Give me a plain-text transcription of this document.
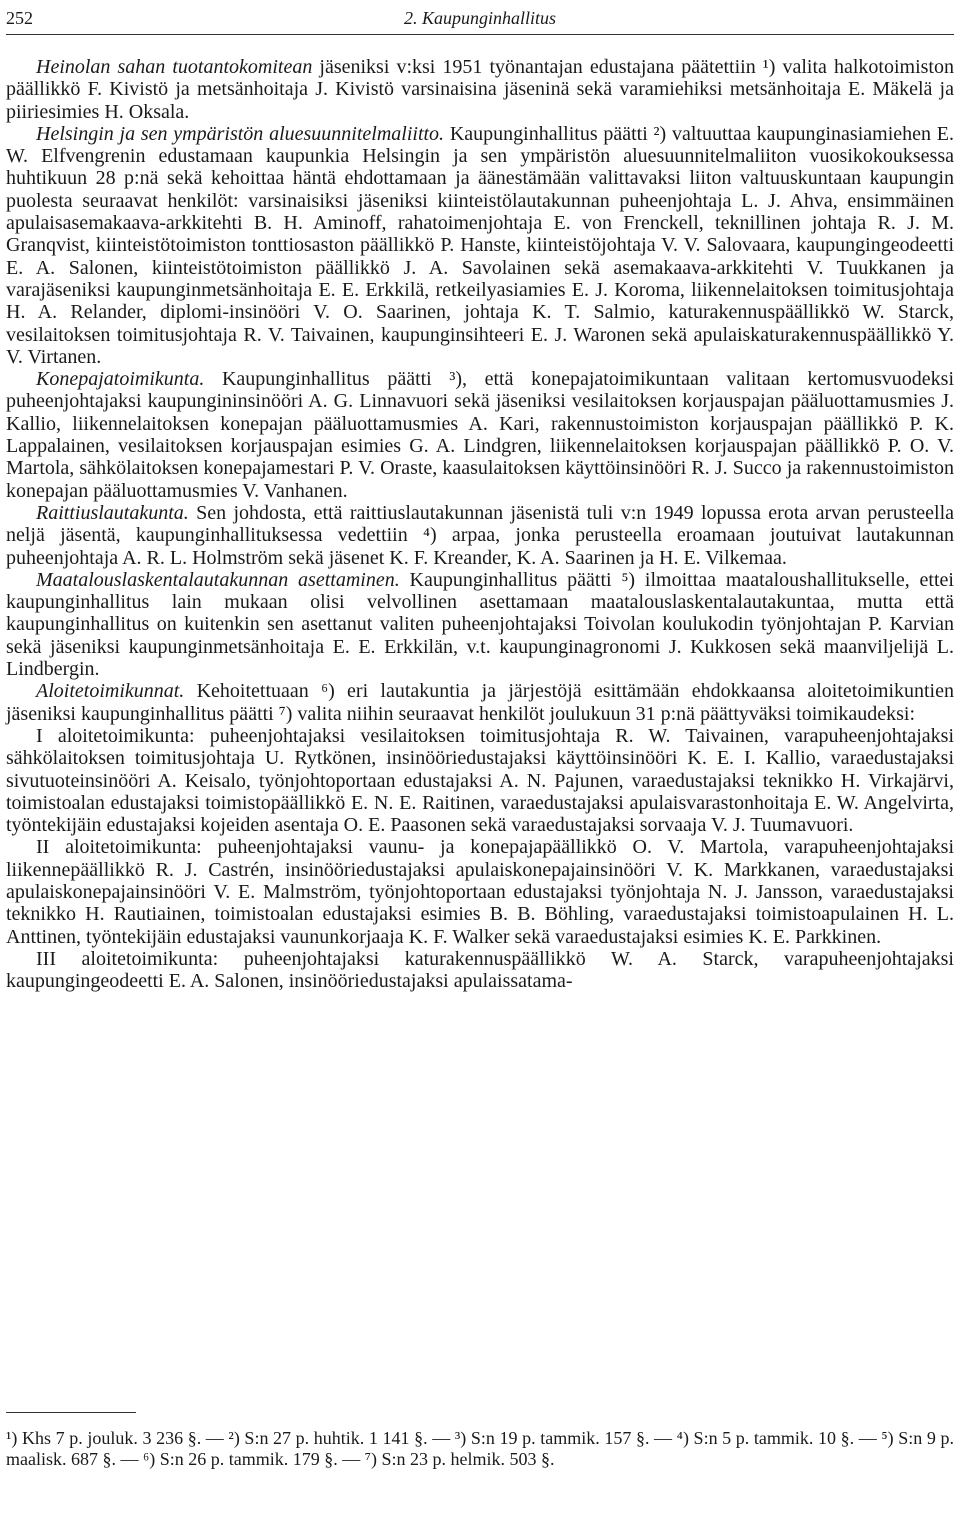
252	2. Kaupunginhallitus

Heinolan sahan tuotantokomitean jäseniksi v:ksi 1951 työnantajan edustajana päätettiin ¹) valita halkotoimiston päällikkö F. Kivistö ja metsänhoitaja J. Kivistö varsinaisina jäseninä sekä varamiehiksi metsänhoitaja E. Mäkelä ja piiriesimies H. Oksala.

Helsingin ja sen ympäristön aluesuunnitelmaliitto. Kaupunginhallitus päätti ²) valtuuttaa kaupunginasiamiehen E. W. Elfvengrenin edustamaan kaupunkia Helsingin ja sen ympäristön aluesuunnitelmaliiton vuosikokouksessa huhtikuun 28 p:nä sekä kehoittaa häntä ehdottamaan ja äänestämään valittavaksi liiton valtuuskuntaan kaupungin puolesta seuraavat henkilöt: varsinaisiksi jäseniksi kiinteistölautakunnan puheenjohtaja L. J. Ahva, ensimmäinen apulaisasemakaava-arkkitehti B. H. Aminoff, rahatoimenjohtaja E. von Frenckell, teknillinen johtaja R. J. M. Granqvist, kiinteistötoimiston tonttiosaston päällikkö P. Hanste, kiinteistöjohtaja V. V. Salovaara, kaupungingeodeetti E. A. Salonen, kiinteistötoimiston päällikkö J. A. Savolainen sekä asemakaava-arkkitehti V. Tuukkanen ja varajäseniksi kaupunginmetsänhoitaja E. E. Erkkilä, retkeilyasiamies E. J. Koroma, liikennelaitoksen toimitusjohtaja H. A. Relander, diplomi-insinööri V. O. Saarinen, johtaja K. T. Salmio, katurakennuspäällikkö W. Starck, vesilaitoksen toimitusjohtaja R. V. Taivainen, kaupunginsihteeri E. J. Waronen sekä apulaiskaturakennuspäällikkö Y. V. Virtanen.

Konepajatoimikunta. Kaupunginhallitus päätti ³), että konepajatoimikuntaan valitaan kertomusvuodeksi puheenjohtajaksi kaupungininsinööri A. G. Linnavuori sekä jäseniksi vesilaitoksen korjauspajan pääluottamusmies J. Kallio, liikennelaitoksen konepajan pääluottamusmies A. Kari, rakennustoimiston korjauspajan päällikkö P. K. Lappalainen, vesilaitoksen korjauspajan esimies G. A. Lindgren, liikennelaitoksen korjauspajan päällikkö P. O. V. Martola, sähkölaitoksen konepajamestari P. V. Oraste, kaasulaitoksen käyttöinsinööri R. J. Succo ja rakennustoimiston konepajan pääluottamusmies V. Vanhanen.

Raittiuslautakunta. Sen johdosta, että raittiuslautakunnan jäsenistä tuli v:n 1949 lopussa erota arvan perusteella neljä jäsentä, kaupunginhallituksessa vedettiin ⁴) arpaa, jonka perusteella eroamaan joutuivat lautakunnan puheenjohtaja A. R. L. Holmström sekä jäsenet K. F. Kreander, K. A. Saarinen ja H. E. Vilkemaa.

Maatalouslaskentalautakunnan asettaminen. Kaupunginhallitus päätti ⁵) ilmoittaa maataloushallitukselle, ettei kaupunginhallitus lain mukaan olisi velvollinen asettamaan maatalouslaskentalautakuntaa, mutta että kaupunginhallitus on kuitenkin sen asettanut valiten puheenjohtajaksi Toivolan koulukodin työnjohtajan P. Karvian sekä jäseniksi kaupunginmetsänhoitaja E. E. Erkkilän, v.t. kaupunginagronomi J. Kukkosen sekä maanviljelijä L. Lindbergin.

Aloitetoimikunnat. Kehoitettuaan ⁶) eri lautakuntia ja järjestöjä esittämään ehdokkaansa aloitetoimikuntien jäseniksi kaupunginhallitus päätti ⁷) valita niihin seuraavat henkilöt joulukuun 31 p:nä päättyväksi toimikaudeksi:

I aloitetoimikunta: puheenjohtajaksi vesilaitoksen toimitusjohtaja R. W. Taivainen, varapuheenjohtajaksi sähkölaitoksen toimitusjohtaja U. Rytkönen, insinööriedustajaksi käyttöinsinööri K. E. I. Kallio, varaedustajaksi sivutuoteinsinööri A. Keisalo, työnjohtoportaan edustajaksi A. N. Pajunen, varaedustajaksi teknikko H. Virkajärvi, toimistoalan edustajaksi toimistopäällikkö E. N. E. Raitinen, varaedustajaksi apulaisvarastonhoitaja E. W. Angelvirta, työntekijäin edustajaksi kojeiden asentaja O. E. Paasonen sekä varaedustajaksi sorvaaja V. J. Tuumavuori.

II aloitetoimikunta: puheenjohtajaksi vaunu- ja konepajapäällikkö O. V. Martola, varapuheenjohtajaksi liikennepäällikkö R. J. Castrén, insinööriedustajaksi apulaiskonepajainsinööri V. K. Markkanen, varaedustajaksi apulaiskonepajainsinööri V. E. Malmström, työnjohtoportaan edustajaksi työnjohtaja N. J. Jansson, varaedustajaksi teknikko H. Rautiainen, toimistoalan edustajaksi esimies B. B. Böhling, varaedustajaksi toimistoapulainen H. L. Anttinen, työntekijäin edustajaksi vaununkorjaaja K. F. Walker sekä varaedustajaksi esimies K. E. Parkkinen.

III aloitetoimikunta: puheenjohtajaksi katurakennuspäällikkö W. A. Starck, varapuheenjohtajaksi kaupungingeodeetti E. A. Salonen, insinööriedustajaksi apulaissatama-

¹) Khs 7 p. jouluk. 3 236 §. — ²) S:n 27 p. huhtik. 1 141 §. — ³) S:n 19 p. tammik. 157 §. — ⁴) S:n 5 p. tammik. 10 §. — ⁵) S:n 9 p. maalisk. 687 §. — ⁶) S:n 26 p. tammik. 179 §. — ⁷) S:n 23 p. helmik. 503 §.
